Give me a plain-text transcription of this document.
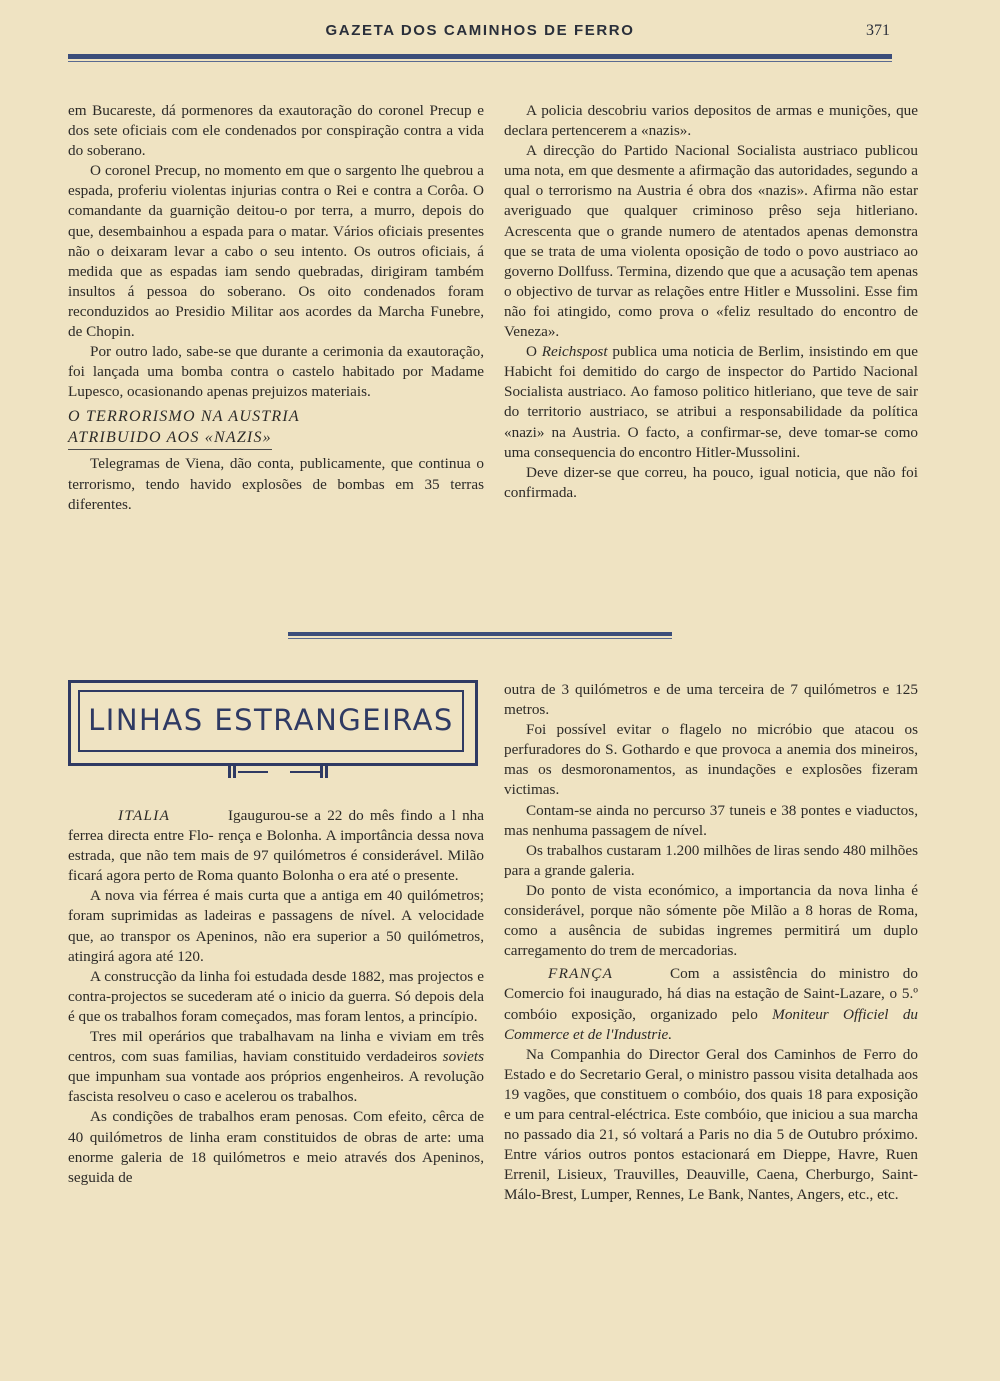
GAZETA DOS CAMINHOS DE FERRO	371

em Bucareste, dá pormenores da exautoração do coronel Precup e dos sete oficiais com ele condenados por conspiração contra a vida do soberano.

O coronel Precup, no momento em que o sargento lhe quebrou a espada, proferiu violentas injurias contra o Rei e contra a Corôa. O comandante da guarnição deitou-o por terra, a murro, depois do que, desembainhou a espada para o matar. Vários oficiais presentes não o deixaram levar a cabo o seu intento. Os outros oficiais, á medida que as espadas iam sendo quebradas, dirigiram também insultos á pessoa do soberano. Os oito condenados foram reconduzidos ao Presidio Militar aos acordes da Marcha Funebre, de Chopin.

Por outro lado, sabe-se que durante a cerimonia da exautoração, foi lançada uma bomba contra o castelo habitado por Madame Lupesco, ocasionando apenas prejuizos materiais.

O TERRORISMO NA AUSTRIA
ATRIBUIDO AOS «NAZIS»

Telegramas de Viena, dão conta, publicamente, que continua o terrorismo, tendo havido explosões de bombas em 35 terras diferentes.

A policia descobriu varios depositos de armas e munições, que declara pertencerem a «nazis».

A direcção do Partido Nacional Socialista austriaco publicou uma nota, em que desmente a afirmação das autoridades, segundo a qual o terrorismo na Austria é obra dos «nazis». Afirma não estar averiguado que qualquer criminoso prêso seja hitleriano. Acrescenta que o grande numero de atentados apenas demonstra que se trata de uma violenta oposição de todo o povo austriaco ao governo Dollfuss. Termina, dizendo que que a acusação tem apenas o objectivo de turvar as relações entre Hitler e Mussolini. Esse fim não foi atingido, como prova o «feliz resultado do encontro de Veneza».

O Reichspost publica uma noticia de Berlim, insistindo em que Habicht foi demitido do cargo de inspector do Partido Nacional Socialista austriaco. Ao famoso politico hitleriano, que teve de sair do territorio austriaco, se atribui a responsabilidade da política «nazi» na Austria. O facto, a confirmar-se, deve tomar-se como uma consequencia do encontro Hitler-Mussolini.

Deve dizer-se que correu, ha pouco, igual noticia, que não foi confirmada.

LINHAS ESTRANGEIRAS

ITALIA	Igaugurou-se a 22 do mês findo a l nha ferrea directa entre Flo- rença e Bolonha. A importância dessa nova estrada, que não tem mais de 97 quilómetros é considerável. Milão ficará agora perto de Roma quanto Bolonha o era até o presente.

A nova via férrea é mais curta que a antiga em 40 quilómetros; foram suprimidas as ladeiras e passagens de nível. A velocidade que, ao transpor os Apeninos, não era superior a 50 quilómetros, atingirá agora até 120.

A construcção da linha foi estudada desde 1882, mas projectos e contra-projectos se sucederam até o inicio da guerra. Só depois dela é que os trabalhos foram começados, mas foram lentos, a princípio.

Tres mil operários que trabalhavam na linha e viviam em três centros, com suas familias, haviam constituido verdadeiros soviets que impunham sua vontade aos próprios engenheiros. A revolução fascista resolveu o caso e acelerou os trabalhos.

As condições de trabalhos eram penosas. Com efeito, cêrca de 40 quilómetros de linha eram constituidos de obras de arte: uma enorme galeria de 18 quilómetros e meio através dos Apeninos, seguida de

outra de 3 quilómetros e de uma terceira de 7 quilómetros e 125 metros.

Foi possível evitar o flagelo no micróbio que atacou os perfuradores do S. Gothardo e que provoca a anemia dos mineiros, mas os desmoronamentos, as inundações e explosões fizeram victimas.

Contam-se ainda no percurso 37 tuneis e 38 pontes e viaductos, mas nenhuma passagem de nível.

Os trabalhos custaram 1.200 milhões de liras sendo 480 milhões para a grande galeria.

Do ponto de vista económico, a importancia da nova linha é considerável, porque não sómente põe Milão a 8 horas de Roma, como a ausência de subidas ingremes permitirá um duplo carregamento do trem de mercadorias.

FRANÇA	Com a assistência do ministro do Comercio foi inaugurado, há dias na estação de Saint-Lazare, o 5.º combóio exposição, organizado pelo Moniteur Officiel du Commerce et de l'Industrie.

Na Companhia do Director Geral dos Caminhos de Ferro do Estado e do Secretario Geral, o ministro passou visita detalhada aos 19 vagões, que constituem o combóio, dos quais 18 para exposição e um para central-eléctrica. Este combóio, que iniciou a sua marcha no passado dia 21, só voltará a Paris no dia 5 de Outubro próximo. Entre vários outros pontos estacionará em Dieppe, Havre, Ruen Errenil, Lisieux, Trauvilles, Deauville, Caena, Cherburgo, Saint-Málo-Brest, Lumper, Rennes, Le Bank, Nantes, Angers, etc., etc.
